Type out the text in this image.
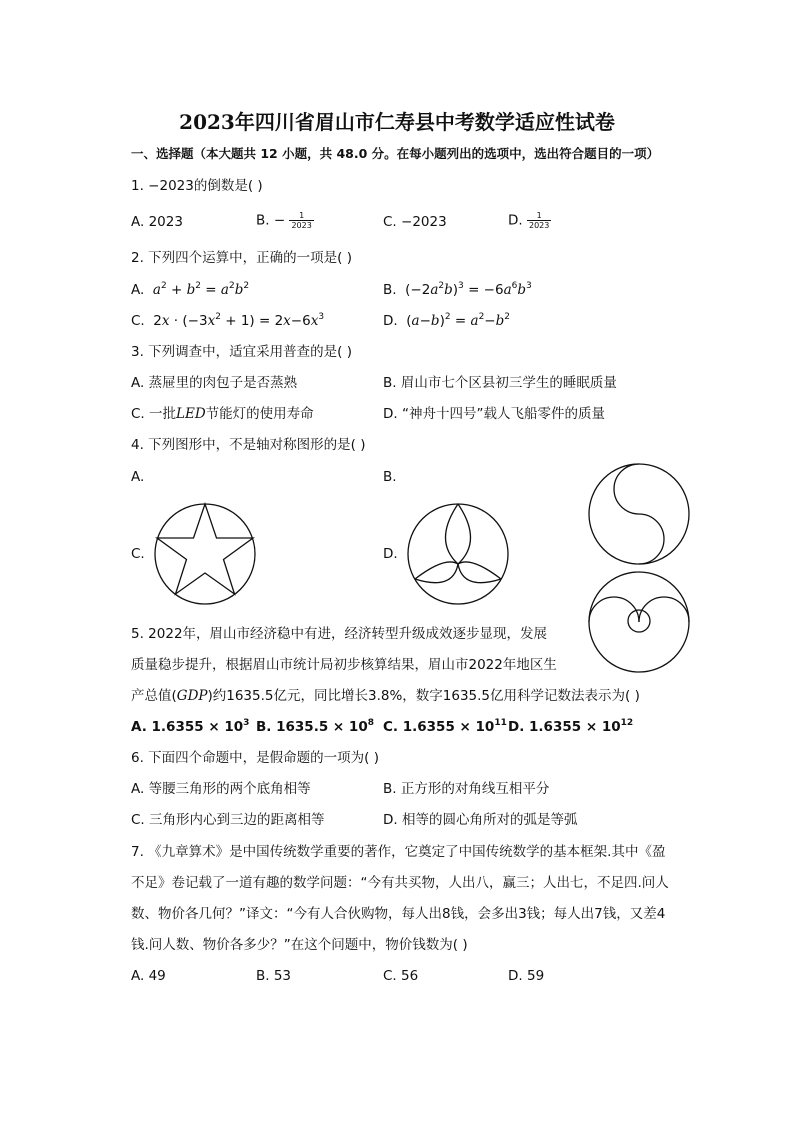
2023年四川省眉山市仁寿县中考数学适应性试卷
一、选择题（本大题共 12 小题，共 48.0 分。在每小题列出的选项中，选出符合题目的一项）
1. −2023的倒数是( )
A. 2023	B. − $\frac{1}{2023}$	C. −2023	D. $\frac{1}{2023}$
2. 下列四个运算中，正确的一项是( )
A. $a^2 + b^2 = a^2b^2$	B.  $(-2a^2b)^3 = -6a^6b^3$
C.  $2x \cdot (-3x^2 + 1) = 2x-6x^3$	D.  $(a-b)^2 = a^2-b^2$
3. 下列调查中，适宜采用普查的是( )
A. 蒸屉里的肉包子是否蒸熟	B. 眉山市七个区县初三学生的睡眠质量
C. 一批LED节能灯的使用寿命	D. “神舟十四号”载人飞船零件的质量
4. 下列图形中，不是轴对称图形的是( )
A.	B.
C.	D.
5. 2022年，眉山市经济稳中有进，经济转型升级成效逐步显现，发展
质量稳步提升，根据眉山市统计局初步核算结果，眉山市2022年地区生
产总值(GDP)约1635.5亿元，同比增长3.8%，数字1635.5亿用科学记数法表示为( )
A. $1.6355 \times 10^3$ B. $1635.5 \times 10^8$ C. $1.6355 \times 10^{11}$ D. $1.6355 \times 10^{12}$
6. 下面四个命题中，是假命题的一项为( )
A. 等腰三角形的两个底角相等	B. 正方形的对角线互相平分
C. 三角形内心到三边的距离相等	D. 相等的圆心角所对的弧是等弧
7. 《九章算术》是中国传统数学重要的著作，它奠定了中国传统数学的基本框架.其中《盈
不足》卷记载了一道有趣的数学问题：“今有共买物，人出八，赢三；人出七，不足四.问人
数、物价各几何？”译文：“今有人合伙购物，每人出8钱，会多出3钱；每人出7钱，又差4
钱.问人数、物价各多少？”在这个问题中，物价钱数为( )
A. 49	B. 53	C. 56	D. 59
